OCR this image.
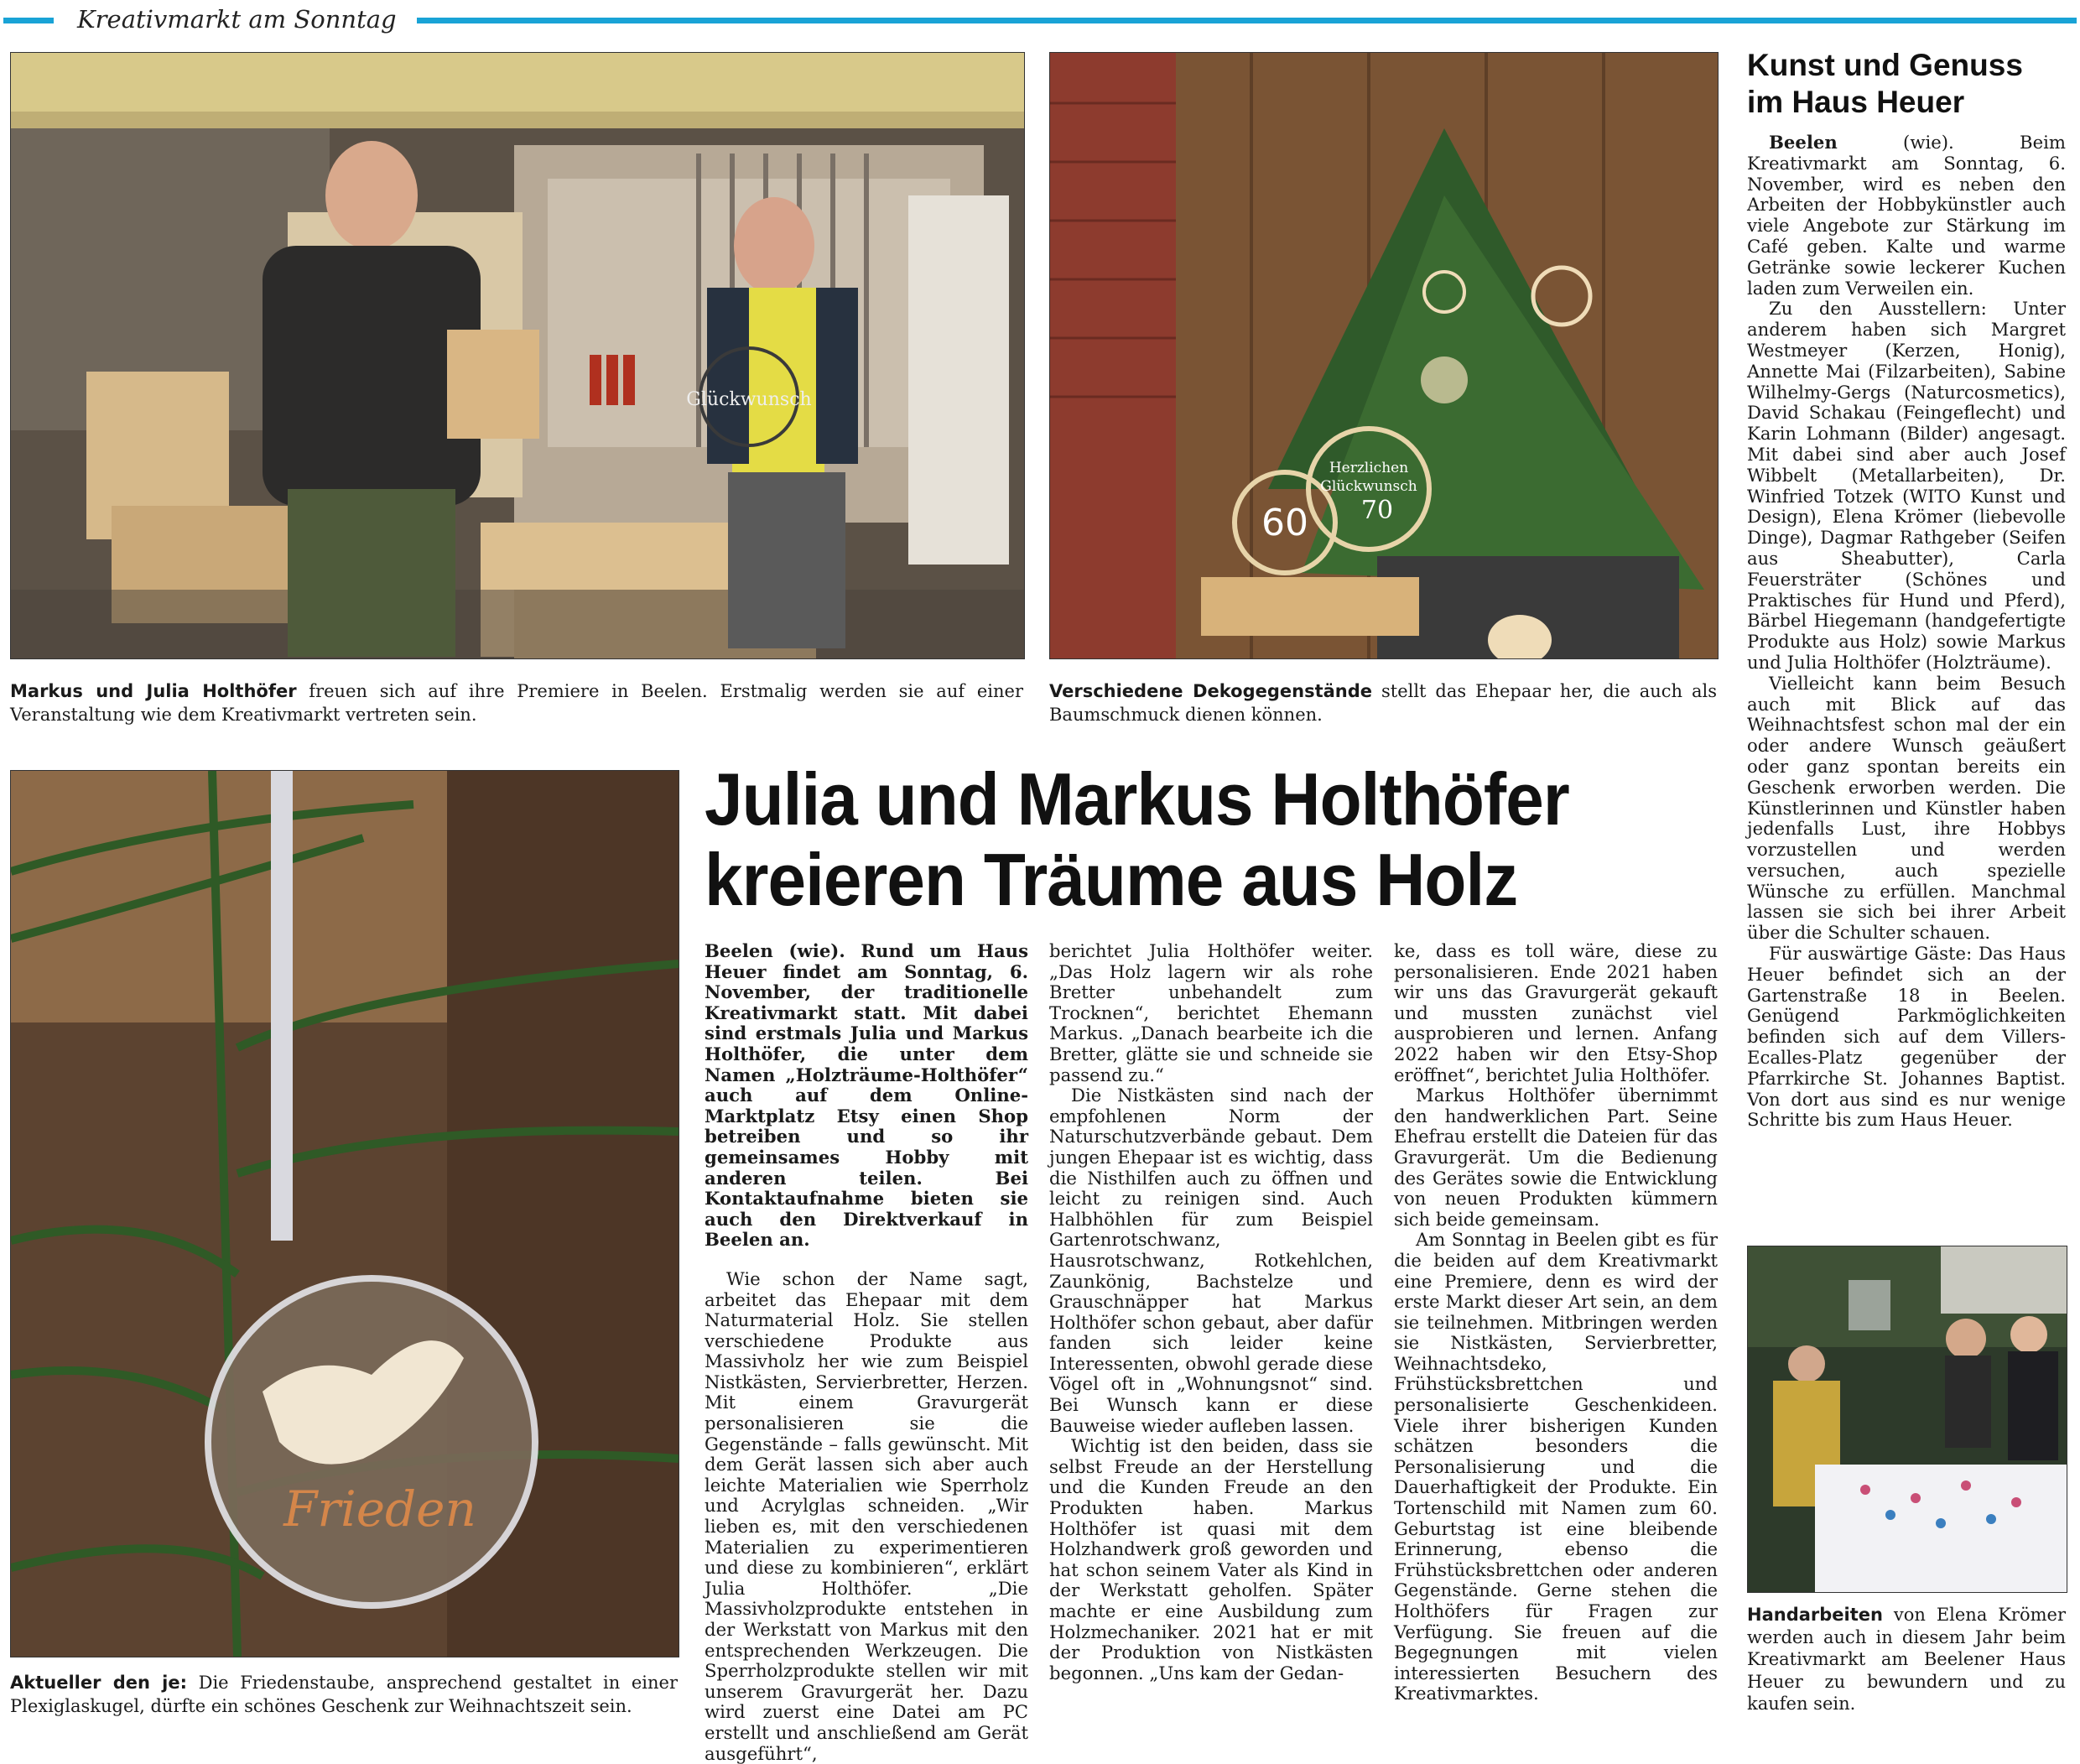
Kreativmarkt am Sonntag
Glückwunsch
Markus und Julia Holthöfer freuen sich auf ihre Premiere in Beelen. Erstmalig werden sie auf einer Veranstaltung wie dem Kreativmarkt vertreten sein.
60
Herzlichen
Glückwunsch
70
Verschiedene Dekogegenstände stellt das Ehepaar her, die auch als Baumschmuck dienen können.
Frieden
Aktueller den je: Die Friedenstaube, ansprechend gestaltet in einer Plexiglaskugel, dürfte ein schönes Geschenk zur Weihnachtszeit sein.
Julia und Markus Holthöfer
kreieren Träume aus Holz

Beelen (wie). Rund um Haus Heuer findet am Sonntag, 6. November, der traditionelle Kreativmarkt statt. Mit dabei sind erstmals Julia und Markus Holthöfer, die unter dem Namen „Holzträume-Holthöfer“ auch auf dem Online-Marktplatz Etsy einen Shop betreiben und so ihr gemeinsames Hobby mit anderen teilen. Bei Kontaktaufnahme bieten sie auch den Direktverkauf in Beelen an.

Wie schon der Name sagt, arbeitet das Ehepaar mit dem Naturmaterial Holz. Sie stellen verschiedene Produkte aus Massivholz her wie zum Beispiel Nistkästen, Servierbretter, Herzen. Mit einem Gravurgerät personalisieren sie die Gegenstände – falls gewünscht. Mit dem Gerät lassen sich aber auch leichte Materialien wie Sperrholz und Acrylglas schneiden. „Wir lieben es, mit den verschiedenen Materialien zu experimentieren und diese zu kombinieren“, erklärt Julia Holthöfer. „Die Massivholzprodukte entstehen in der Werkstatt von Markus mit den entsprechenden Werkzeugen. Die Sperrholzprodukte stellen wir mit unserem Gravurgerät her. Dazu wird zuerst eine Datei am PC erstellt und anschließend am Gerät ausgeführt“,

berichtet Julia Holthöfer weiter. „Das Holz lagern wir als rohe Bretter unbehandelt zum Trocknen“, berichtet Ehemann Markus. „Danach bearbeite ich die Bretter, glätte sie und schneide sie passend zu.“

Die Nistkästen sind nach der empfohlenen Norm der Naturschutzverbände gebaut. Dem jungen Ehepaar ist es wichtig, dass die Nisthilfen auch zu öffnen und leicht zu reinigen sind. Auch Halbhöhlen für zum Beispiel Gartenrotschwanz, Hausrotschwanz, Rotkehlchen, Zaunkönig, Bachstelze und Grauschnäpper hat Markus Holthöfer schon gebaut, aber dafür fanden sich leider keine Interessenten, obwohl gerade diese Vögel oft in „Wohnungsnot“ sind. Bei Wunsch kann er diese Bauweise wieder aufleben lassen.

Wichtig ist den beiden, dass sie selbst Freude an der Herstellung und die Kunden Freude an den Produkten haben. Markus Holthöfer ist quasi mit dem Holzhandwerk groß geworden und hat schon seinem Vater als Kind in der Werkstatt geholfen. Später machte er eine Ausbildung zum Holzmechaniker. 2021 hat er mit der Produktion von Nistkästen begonnen. „Uns kam der Gedan-

ke, dass es toll wäre, diese zu personalisieren. Ende 2021 haben wir uns das Gravurgerät gekauft und mussten zunächst viel ausprobieren und lernen. Anfang 2022 haben wir den Etsy-Shop eröffnet“, berichtet Julia Holthöfer.

Markus Holthöfer übernimmt den handwerklichen Part. Seine Ehefrau erstellt die Dateien für das Gravurgerät. Um die Bedienung des Gerätes sowie die Entwicklung von neuen Produkten kümmern sich beide gemeinsam.

Am Sonntag in Beelen gibt es für die beiden auf dem Kreativmarkt eine Premiere, denn es wird der erste Markt dieser Art sein, an dem sie teilnehmen. Mitbringen werden sie Nistkästen, Servierbretter, Weihnachtsdeko, Frühstücksbrettchen und personalisierte Geschenkideen. Viele ihrer bisherigen Kunden schätzen besonders die Personalisierung und die Dauerhaftigkeit der Produkte. Ein Tortenschild mit Namen zum 60. Geburtstag ist eine bleibende Erinnerung, ebenso die Frühstücksbrettchen oder anderen Gegenstände. Gerne stehen die Holthöfers für Fragen zur Verfügung. Sie freuen auf die Begegnungen mit vielen interessierten Besuchern des Kreativmarktes.

Kunst und Genuss im Haus Heuer

Beelen (wie). Beim Kreativmarkt am Sonntag, 6. November, wird es neben den Arbeiten der Hobbykünstler auch viele Angebote zur Stärkung im Café geben. Kalte und warme Getränke sowie leckerer Kuchen laden zum Verweilen ein.

Zu den Ausstellern: Unter anderem haben sich Margret Westmeyer (Kerzen, Honig), Annette Mai (Filzarbeiten), Sabine Wilhelmy-Gergs (Naturcosmetics), David Schakau (Feingeflecht) und Karin Lohmann (Bilder) angesagt. Mit dabei sind aber auch Josef Wibbelt (Metallarbeiten), Dr. Winfried Totzek (WITO Kunst und Design), Elena Krömer (liebevolle Dinge), Dagmar Rathgeber (Seifen aus Sheabutter), Carla Feuersträter (Schönes und Praktisches für Hund und Pferd), Bärbel Hiegemann (handgefertigte Produkte aus Holz) sowie Markus und Julia Holthöfer (Holzträume).

Vielleicht kann beim Besuch auch mit Blick auf das Weihnachtsfest schon mal der ein oder andere Wunsch geäußert oder ganz spontan bereits ein Geschenk erworben werden. Die Künstlerinnen und Künstler haben jedenfalls Lust, ihre Hobbys vorzustellen und werden versuchen, auch spezielle Wünsche zu erfüllen. Manchmal lassen sie sich bei ihrer Arbeit über die Schulter schauen.

Für auswärtige Gäste: Das Haus Heuer befindet sich an der Gartenstraße 18 in Beelen. Genügend Parkmöglichkeiten befinden sich auf dem Villers-Ecalles-Platz gegenüber der Pfarrkirche St. Johannes Baptist. Von dort aus sind es nur wenige Schritte bis zum Haus Heuer.

Handarbeiten von Elena Krömer werden auch in diesem Jahr beim Kreativmarkt am Beelener Haus Heuer zu bewundern und zu kaufen sein.
